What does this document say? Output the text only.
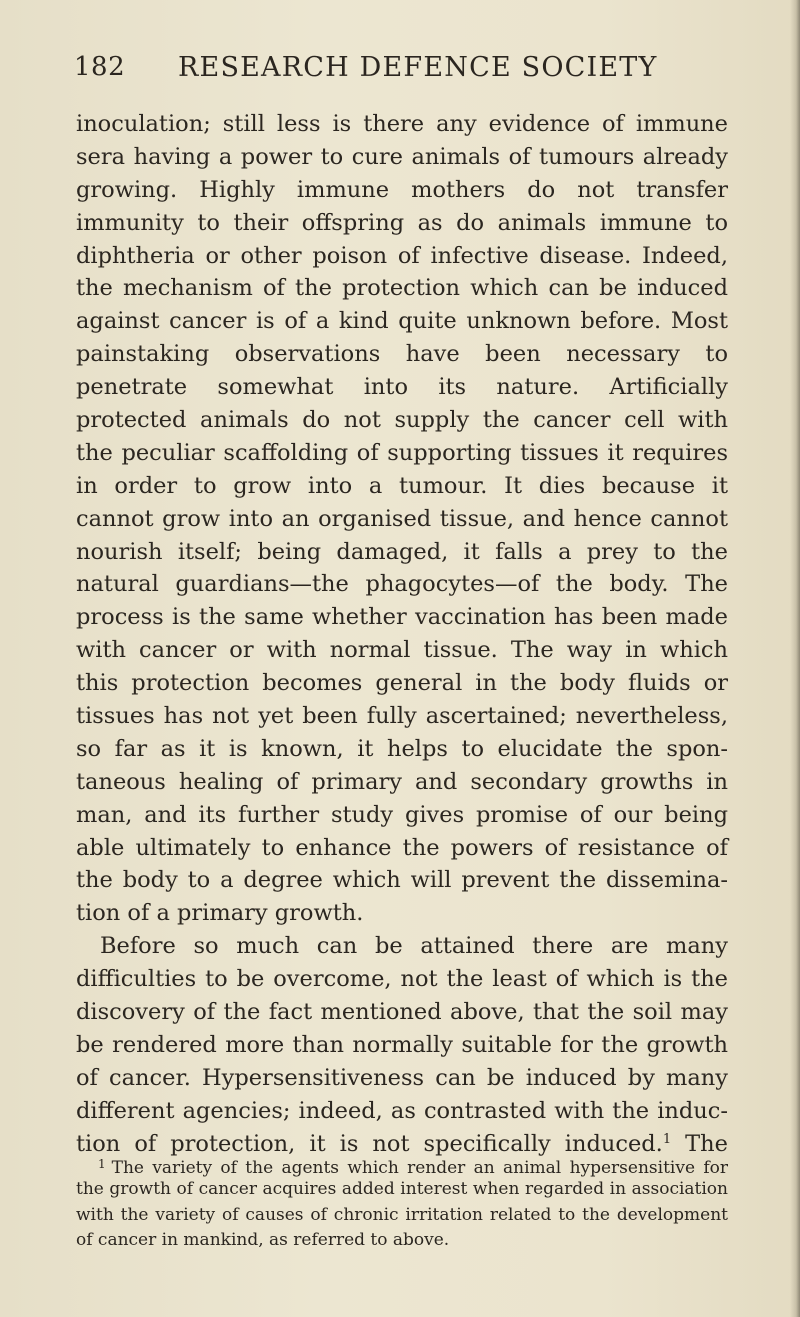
182 RESEARCH DEFENCE SOCIETY
inoculation; still less is there any evidence of immune
sera having a power to cure animals of tumours already
growing. Highly immune mothers do not transfer
immunity to their offspring as do animals immune to
diphtheria or other poison of infective disease. Indeed,
the mechanism of the protection which can be induced
against cancer is of a kind quite unknown before. Most
painstaking observations have been necessary to
penetrate somewhat into its nature. Artificially
protected animals do not supply the cancer cell with
the peculiar scaffolding of supporting tissues it requires
in order to grow into a tumour. It dies because it
cannot grow into an organised tissue, and hence cannot
nourish itself; being damaged, it falls a prey to the
natural guardians—the phagocytes—of the body. The
process is the same whether vaccination has been made
with cancer or with normal tissue. The way in which
this protection becomes general in the body fluids or
tissues has not yet been fully ascertained; nevertheless,
so far as it is known, it helps to elucidate the spon-
taneous healing of primary and secondary growths in
man, and its further study gives promise of our being
able ultimately to enhance the powers of resistance of
the body to a degree which will prevent the dissemina-
tion of a primary growth.
Before so much can be attained there are many
difficulties to be overcome, not the least of which is the
discovery of the fact mentioned above, that the soil may
be rendered more than normally suitable for the growth
of cancer. Hypersensitiveness can be induced by many
different agencies; indeed, as contrasted with the induc-
tion of protection, it is not specifically induced.$^1$ The
$^1$ The variety of the agents which render an animal hypersensitive for
the growth of cancer acquires added interest when regarded in association
with the variety of causes of chronic irritation related to the development
of cancer in mankind, as referred to above.
